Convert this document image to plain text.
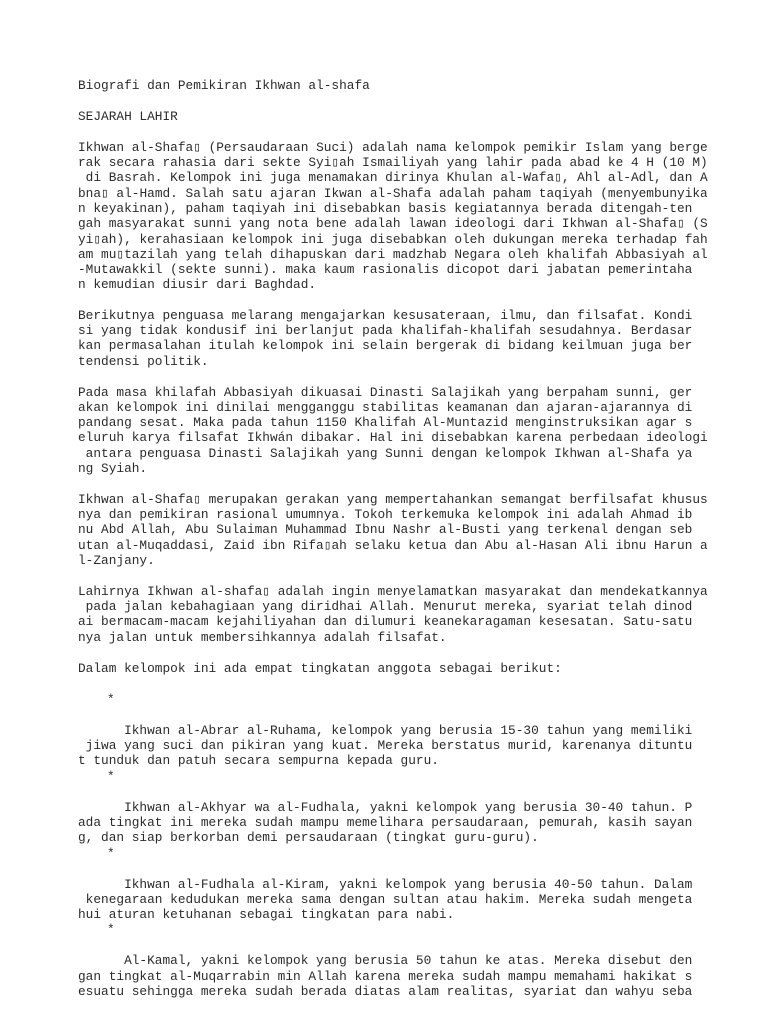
Biografi dan Pemikiran Ikhwan al-shafa
SEJARAH LAHIR
Ikhwan al-Shafa▯ (Persaudaraan Suci) adalah nama kelompok pemikir Islam yang berge
rak secara rahasia dari sekte Syi▯ah Ismailiyah yang lahir pada abad ke 4 H (10 M)
di Basrah. Kelompok ini juga menamakan dirinya Khulan al-Wafa▯, Ahl al-Adl, dan A
bna▯ al-Hamd. Salah satu ajaran Ikwan al-Shafa adalah paham taqiyah (menyembunyika
n keyakinan), paham taqiyah ini disebabkan basis kegiatannya berada ditengah-ten
gah masyarakat sunni yang nota bene adalah lawan ideologi dari Ikhwan al-Shafa▯ (S
yi▯ah), kerahasiaan kelompok ini juga disebabkan oleh dukungan mereka terhadap fah
am mu▯tazilah yang telah dihapuskan dari madzhab Negara oleh khalifah Abbasiyah al
-Mutawakkil (sekte sunni). maka kaum rasionalis dicopot dari jabatan pemerintaha
n kemudian diusir dari Baghdad.
Berikutnya penguasa melarang mengajarkan kesusateraan, ilmu, dan filsafat. Kondi
si yang tidak kondusif ini berlanjut pada khalifah-khalifah sesudahnya. Berdasar
kan permasalahan itulah kelompok ini selain bergerak di bidang keilmuan juga ber
tendensi politik.
Pada masa khilafah Abbasiyah dikuasai Dinasti Salajikah yang berpaham sunni, ger
akan kelompok ini dinilai mengganggu stabilitas keamanan dan ajaran-ajarannya di
pandang sesat. Maka pada tahun 1150 Khalifah Al-Muntazid menginstruksikan agar s
eluruh karya filsafat Ikhwán dibakar. Hal ini disebabkan karena perbedaan ideologi
antara penguasa Dinasti Salajikah yang Sunni dengan kelompok Ikhwan al-Shafa ya
ng Syiah.
Ikhwan al-Shafa▯ merupakan gerakan yang mempertahankan semangat berfilsafat khusus
nya dan pemikiran rasional umumnya. Tokoh terkemuka kelompok ini adalah Ahmad ib
nu Abd Allah, Abu Sulaiman Muhammad Ibnu Nashr al-Busti yang terkenal dengan seb
utan al-Muqaddasi, Zaid ibn Rifa▯ah selaku ketua dan Abu al-Hasan Ali ibnu Harun a
l-Zanjany.
Lahirnya Ikhwan al-shafa▯ adalah ingin menyelamatkan masyarakat dan mendekatkannya
pada jalan kebahagiaan yang diridhai Allah. Menurut mereka, syariat telah dinod
ai bermacam-macam kejahiliyahan dan dilumuri keanekaragaman kesesatan. Satu-satu
nya jalan untuk membersihkannya adalah filsafat.
Dalam kelompok ini ada empat tingkatan anggota sebagai berikut:
*
Ikhwan al-Abrar al-Ruhama, kelompok yang berusia 15-30 tahun yang memiliki
jiwa yang suci dan pikiran yang kuat. Mereka berstatus murid, karenanya dituntu
t tunduk dan patuh secara sempurna kepada guru.
*
Ikhwan al-Akhyar wa al-Fudhala, yakni kelompok yang berusia 30-40 tahun. P
ada tingkat ini mereka sudah mampu memelihara persaudaraan, pemurah, kasih sayan
g, dan siap berkorban demi persaudaraan (tingkat guru-guru).
*
Ikhwan al-Fudhala al-Kiram, yakni kelompok yang berusia 40-50 tahun. Dalam
kenegaraan kedudukan mereka sama dengan sultan atau hakim. Mereka sudah mengeta
hui aturan ketuhanan sebagai tingkatan para nabi.
*
Al-Kamal, yakni kelompok yang berusia 50 tahun ke atas. Mereka disebut den
gan tingkat al-Muqarrabin min Allah karena mereka sudah mampu memahami hakikat s
esuatu sehingga mereka sudah berada diatas alam realitas, syariat dan wahyu seba
